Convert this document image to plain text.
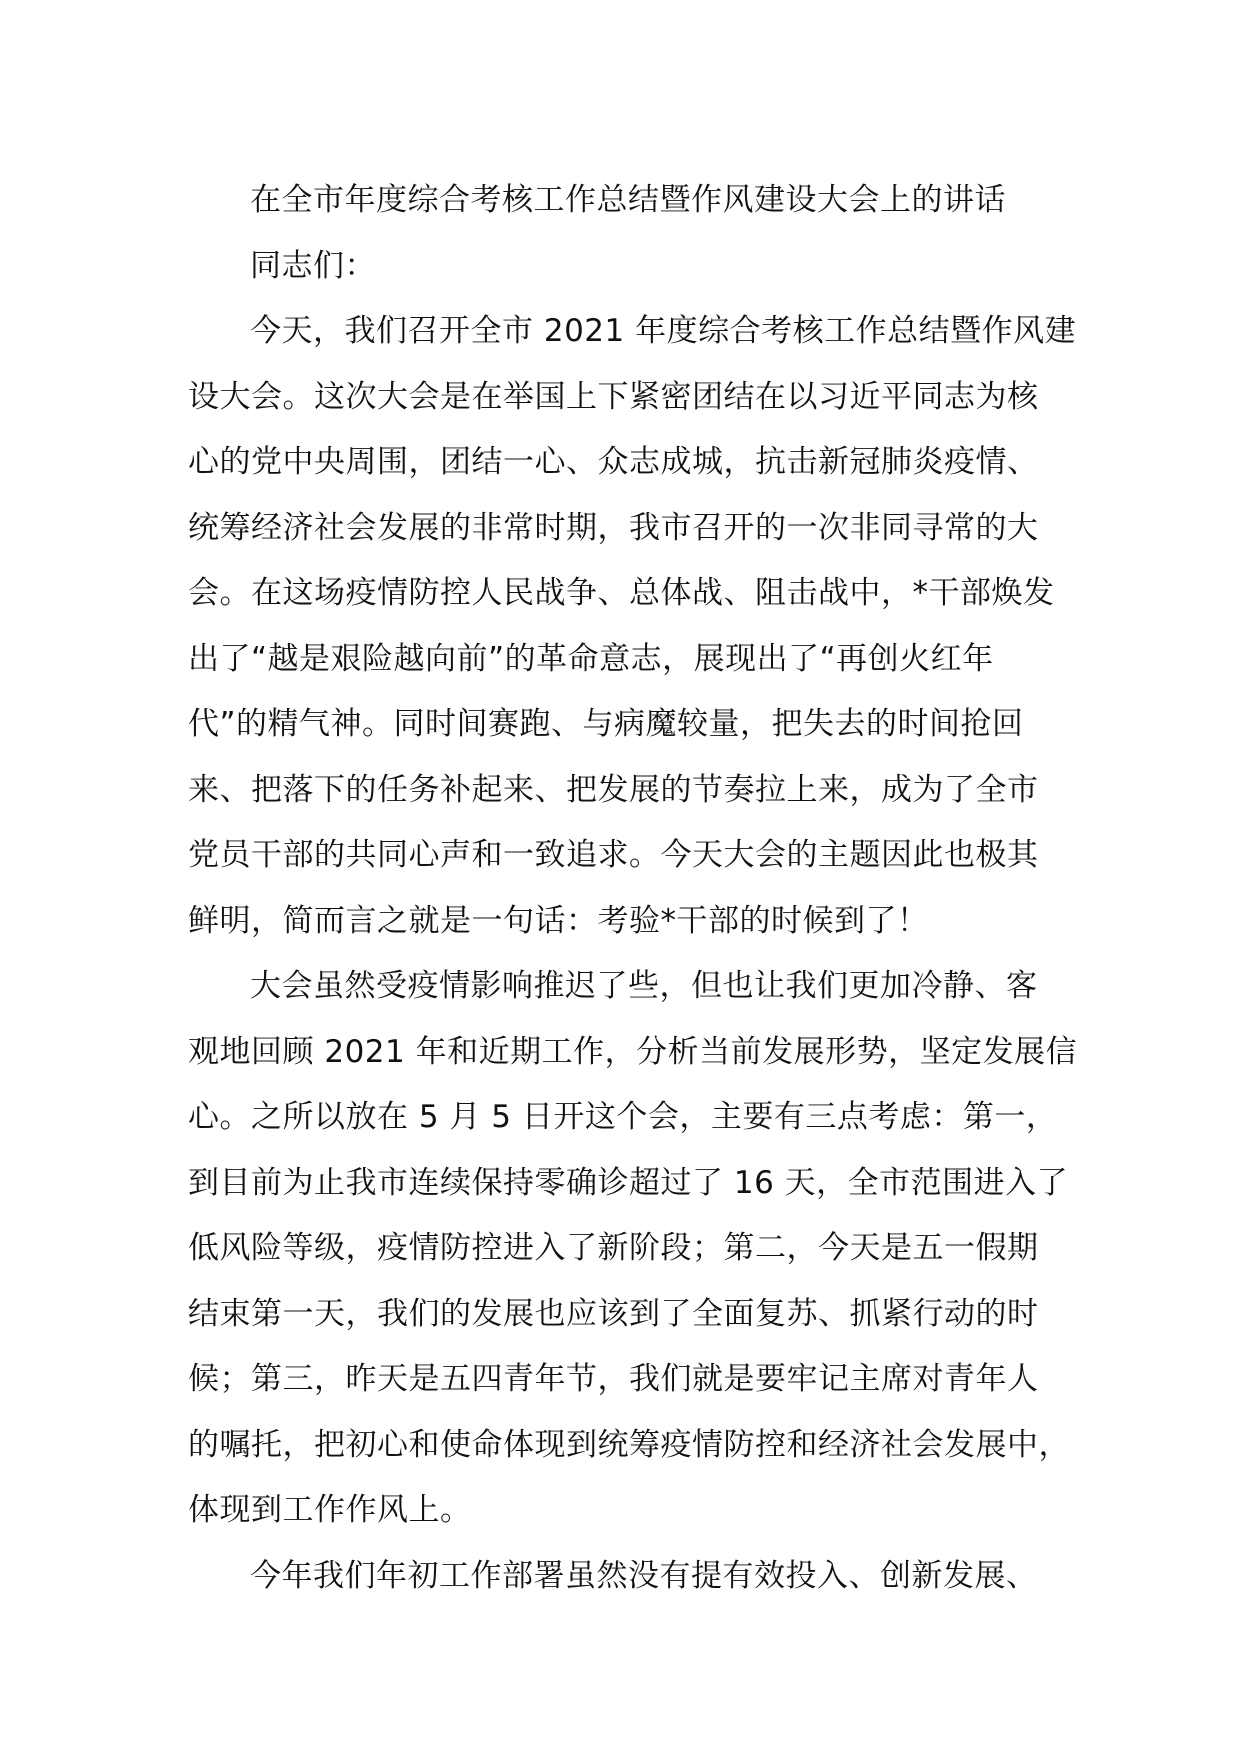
在全市年度综合考核工作总结暨作风建设大会上的讲话
同志们：
今天，我们召开全市 2021 年度综合考核工作总结暨作风建
设大会。这次大会是在举国上下紧密团结在以习近平同志为核
心的党中央周围，团结一心、众志成城，抗击新冠肺炎疫情、
统筹经济社会发展的非常时期，我市召开的一次非同寻常的大
会。在这场疫情防控人民战争、总体战、阻击战中，*干部焕发
出了“越是艰险越向前”的革命意志，展现出了“再创火红年
代”的精气神。同时间赛跑、与病魔较量，把失去的时间抢回
来、把落下的任务补起来、把发展的节奏拉上来，成为了全市
党员干部的共同心声和一致追求。今天大会的主题因此也极其
鲜明，简而言之就是一句话：考验*干部的时候到了！
大会虽然受疫情影响推迟了些，但也让我们更加冷静、客
观地回顾 2021 年和近期工作，分析当前发展形势，坚定发展信
心。之所以放在 5 月 5 日开这个会，主要有三点考虑：第一，
到目前为止我市连续保持零确诊超过了 16 天，全市范围进入了
低风险等级，疫情防控进入了新阶段；第二，今天是五一假期
结束第一天，我们的发展也应该到了全面复苏、抓紧行动的时
候；第三，昨天是五四青年节，我们就是要牢记主席对青年人
的嘱托，把初心和使命体现到统筹疫情防控和经济社会发展中，
体现到工作作风上。
今年我们年初工作部署虽然没有提有效投入、创新发展、
